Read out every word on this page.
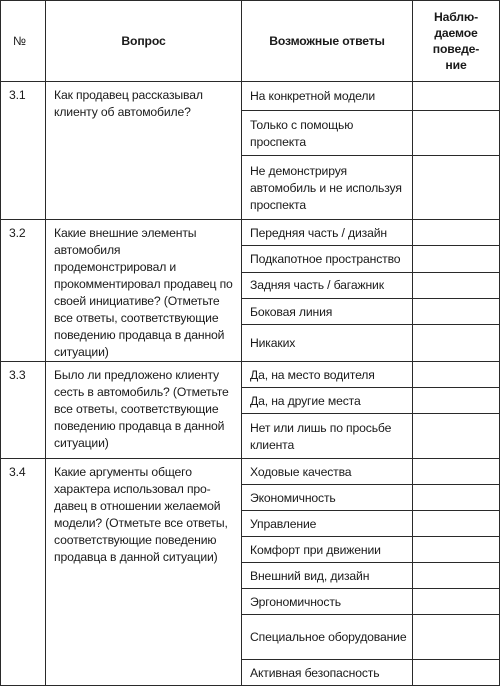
№	Вопрос	Возможные ответы	Наблю-
даемое
поведе-
ние
3.1	Как продавец рассказывал клиенту об автомобиле?	На конкретной модели	
		Только с помощью проспекта	
		Не демонстрируя автомобиль и не используя проспекта	
3.2	Какие внешние элементы автомобиля продемонстрировал и прокомментировал продавец по своей инициативе? (Отметьте все ответы, соответствующие поведению продавца в данной ситуации)	Передняя часть / дизайн	
		Подкапотное пространство	
		Задняя часть / багажник	
		Боковая линия	
		Никаких	
3.3	Было ли предложено клиенту сесть в автомобиль? (Отметьте все ответы, соответствующие поведению продавца в данной ситуации)	Да, на место водителя	
		Да, на другие места	
		Нет или лишь по просьбе клиента	
3.4	Какие аргументы общего характера использовал про-давец в отношении желаемой модели? (Отметьте все ответы, соответствующие поведению продавца в данной ситуации)	Ходовые качества	
		Экономичность	
		Управление	
		Комфорт при движении	
		Внешний вид, дизайн	
		Эргономичность	
		Специальное оборудование	
		Активная безопасность	
